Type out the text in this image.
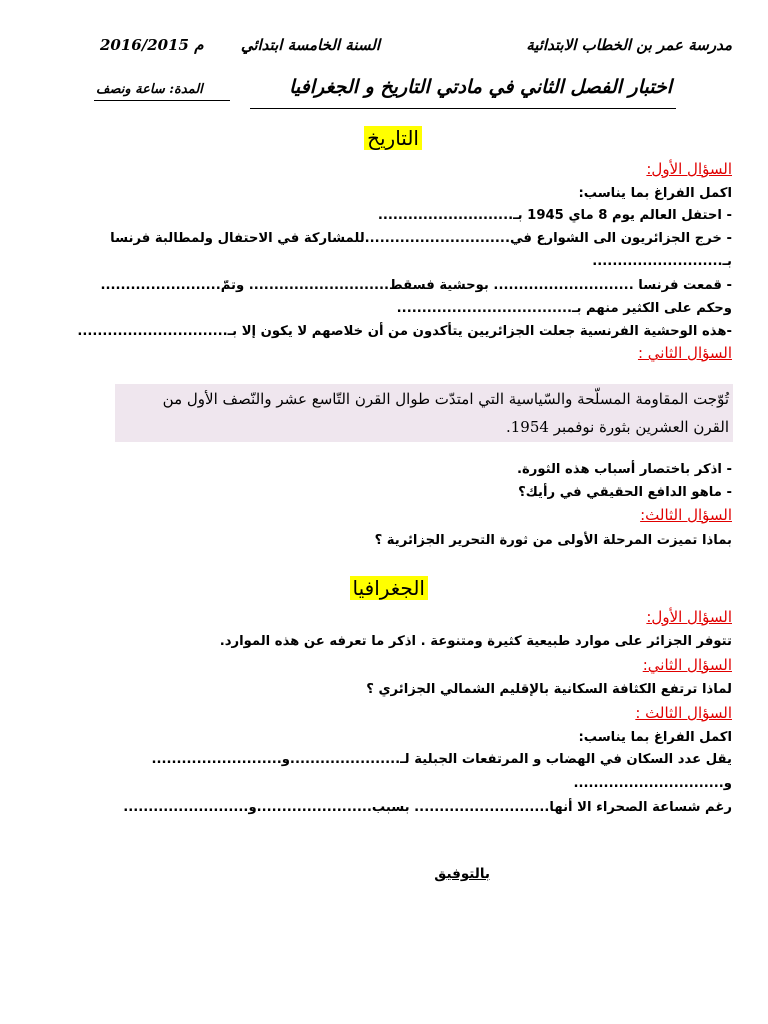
مدرسة عمر بن الخطاب الابتدائية
السنة الخامسة ابتدائي
2016/2015 م
اختبار الفصل الثاني في مادتي التاريخ و الجغرافيا
المدة: ساعة ونصف
التاريخ
السؤال الأول:
اكمل الفراغ بما يناسب:
- احتفل العالم يوم 8 ماي 1945 بـ...........................
- خرج الجزائريون الى الشوارع في.............................للمشاركة في الاحتفال ولمطالبة فرنسا
بـ..........................
- قمعت فرنسا ............................ بوحشية فسقط............................ وتمّ........................
وحكم على الكثير منهم بـ...................................
-هذه الوحشية الفرنسية جعلت الجزائريين يتأكدون من أن خلاصهم لا يكون إلا بـ..............................
السؤال الثاني :
تُوّجت المقاومة المسلّحة والسّياسية التي امتدّت طوال القرن التّاسع عشر والنّصف الأول من
القرن العشرين بثورة نوفمبر 1954.
- اذكر باختصار أسباب هذه الثورة.
- ماهو الدافع الحقيقي في رأيك؟
السؤال الثالث:
بماذا تميزت المرحلة الأولى من ثورة التحرير الجزائرية ؟
الجغرافيا
السؤال الأول:
تتوفر الجزائر على موارد طبيعية كثيرة ومتنوعة . اذكر ما تعرفه عن هذه الموارد.
السؤال الثاني:
لماذا ترتفع الكثافة السكانية بالإقليم الشمالي الجزائري ؟
السؤال الثالث :
اكمل الفراغ بما يناسب:
يقل عدد السكان في الهضاب و المرتفعات الجبلية لـ......................و..........................
و..............................
رغم شساعة الصحراء الا أنها........................... بسبب.......................و.........................
بالتوفيق
